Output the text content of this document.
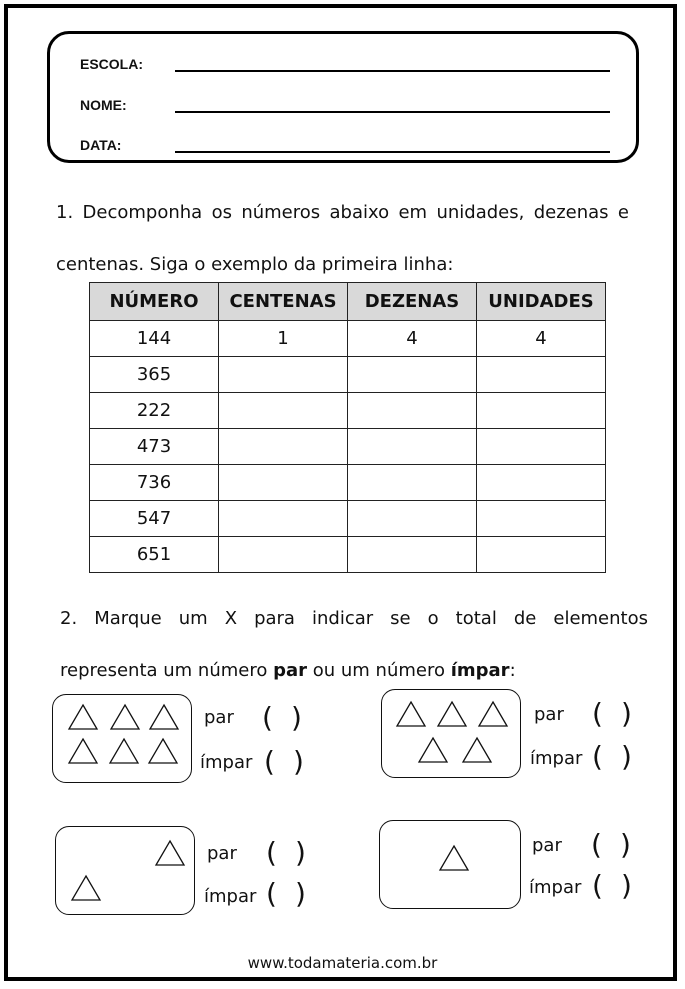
ESCOLA:
NOME:
DATA:
1. Decomponha os números abaixo em unidades, dezenas e
centenas. Siga o exemplo da primeira linha:
NÚMERO	CENTENAS	DEZENAS	UNIDADES
144	1	4	4
365			
222			
473			
736			
547			
651			
2. Marque um X para indicar se o total de elementos
representa um número par ou um número ímpar:
par ( )
ímpar ( )
par ( )
ímpar ( )
par ( )
ímpar ( )
par ( )
ímpar ( )
www.todamateria.com.br
